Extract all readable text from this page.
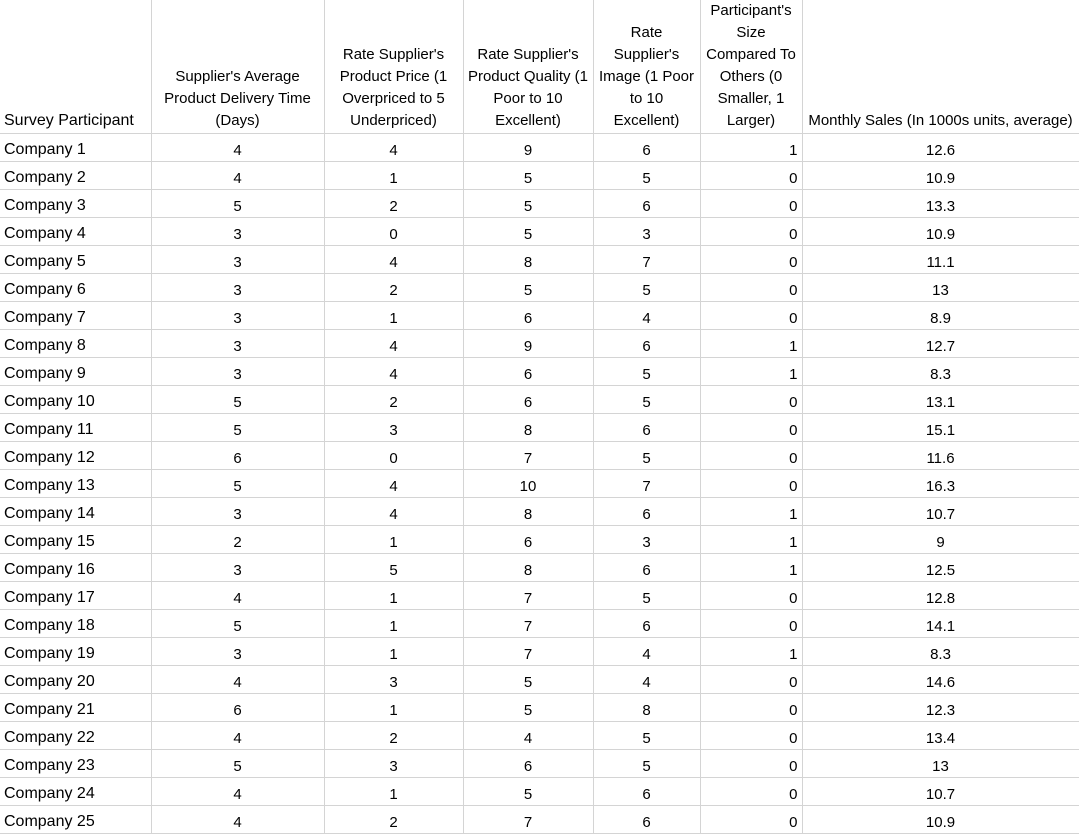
Survey Participant	Supplier's Average Product Delivery Time (Days)	Rate Supplier's Product Price (1 Overpriced to 5 Underpriced)	Rate Supplier's Product Quality (1 Poor to 10 Excellent)	Rate Supplier's Image (1 Poor to 10 Excellent)	Participant's Size Compared To Others (0 Smaller, 1 Larger)	Monthly Sales (In 1000s units, average)
Company 1	4	4	9	6	1	12.6
Company 2	4	1	5	5	0	10.9
Company 3	5	2	5	6	0	13.3
Company 4	3	0	5	3	0	10.9
Company 5	3	4	8	7	0	11.1
Company 6	3	2	5	5	0	13
Company 7	3	1	6	4	0	8.9
Company 8	3	4	9	6	1	12.7
Company 9	3	4	6	5	1	8.3
Company 10	5	2	6	5	0	13.1
Company 11	5	3	8	6	0	15.1
Company 12	6	0	7	5	0	11.6
Company 13	5	4	10	7	0	16.3
Company 14	3	4	8	6	1	10.7
Company 15	2	1	6	3	1	9
Company 16	3	5	8	6	1	12.5
Company 17	4	1	7	5	0	12.8
Company 18	5	1	7	6	0	14.1
Company 19	3	1	7	4	1	8.3
Company 20	4	3	5	4	0	14.6
Company 21	6	1	5	8	0	12.3
Company 22	4	2	4	5	0	13.4
Company 23	5	3	6	5	0	13
Company 24	4	1	5	6	0	10.7
Company 25	4	2	7	6	0	10.9
